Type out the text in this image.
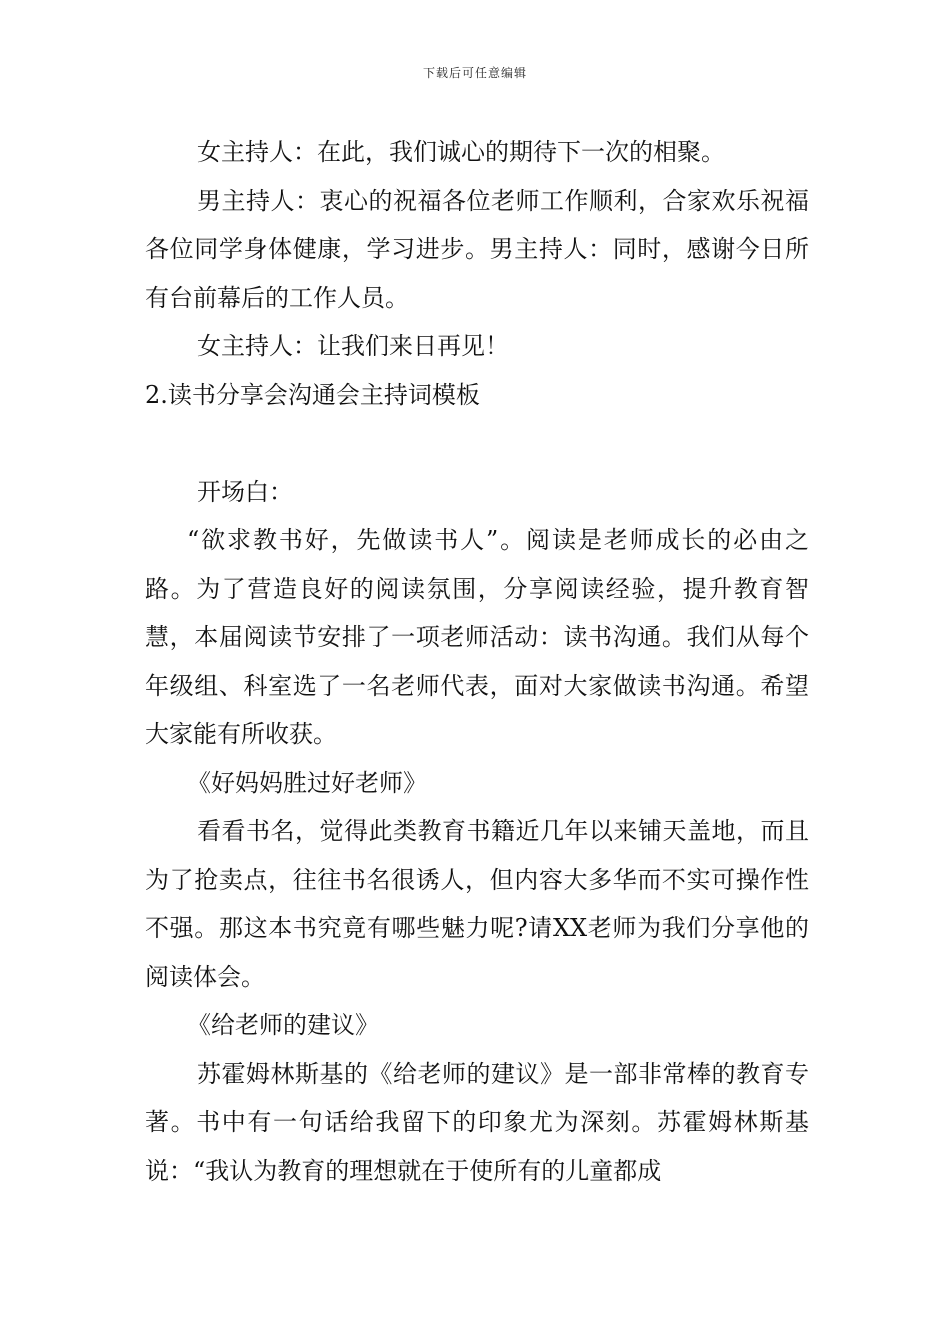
下载后可任意编辑

女主持人：在此，我们诚心的期待下一次的相聚。

男主持人：衷心的祝福各位老师工作顺利，合家欢乐祝福各位同学身体健康，学习进步。男主持人：同时，感谢今日所有台前幕后的工作人员。

女主持人：让我们来日再见！

2.读书分享会沟通会主持词模板

开场白：

“欲求教书好，先做读书人”。阅读是老师成长的必由之路。为了营造良好的阅读氛围，分享阅读经验，提升教育智慧，本届阅读节安排了一项老师活动：读书沟通。我们从每个年级组、科室选了一名老师代表，面对大家做读书沟通。希望大家能有所收获。

《好妈妈胜过好老师》

看看书名，觉得此类教育书籍近几年以来铺天盖地，而且为了抢卖点，往往书名很诱人，但内容大多华而不实可操作性不强。那这本书究竟有哪些魅力呢?请XX老师为我们分享他的阅读体会。

《给老师的建议》

苏霍姆林斯基的《给老师的建议》是一部非常棒的教育专著。书中有一句话给我留下的印象尤为深刻。苏霍姆林斯基说：“我认为教育的理想就在于使所有的儿童都成
